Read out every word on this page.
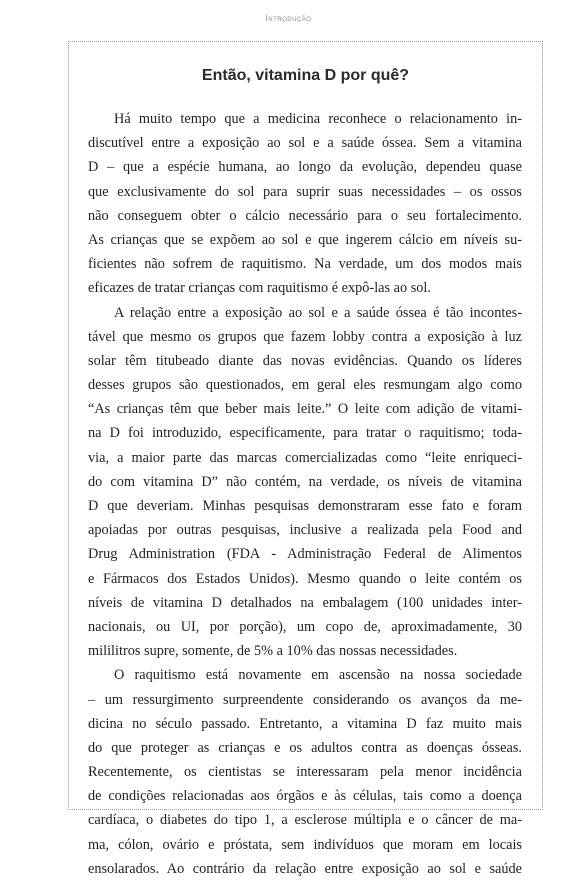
Introdução
Então, vitamina D por quê?
Há muito tempo que a medicina reconhece o relacionamento in-
discutível entre a exposição ao sol e a saúde óssea. Sem a vitamina
D – que a espécie humana, ao longo da evolução, dependeu quase
que exclusivamente do sol para suprir suas necessidades – os ossos
não conseguem obter o cálcio necessário para o seu fortalecimento.
As crianças que se expõem ao sol e que ingerem cálcio em níveis su-
ficientes não sofrem de raquitismo. Na verdade, um dos modos mais
eficazes de tratar crianças com raquitismo é expô-las ao sol.
A relação entre a exposição ao sol e a saúde óssea é tão incontes-
tável que mesmo os grupos que fazem lobby contra a exposição à luz
solar têm titubeado diante das novas evidências. Quando os líderes
desses grupos são questionados, em geral eles resmungam algo como
“As crianças têm que beber mais leite.” O leite com adição de vitami-
na D foi introduzido, especificamente, para tratar o raquitismo; toda-
via, a maior parte das marcas comercializadas como “leite enriqueci-
do com vitamina D” não contém, na verdade, os níveis de vitamina
D que deveriam. Minhas pesquisas demonstraram esse fato e foram
apoiadas por outras pesquisas, inclusive a realizada pela Food and
Drug Administration (FDA - Administração Federal de Alimentos
e Fármacos dos Estados Unidos). Mesmo quando o leite contém os
níveis de vitamina D detalhados na embalagem (100 unidades inter-
nacionais, ou UI, por porção), um copo de, aproximadamente, 30
mililitros supre, somente, de 5% a 10% das nossas necessidades.
O raquitismo está novamente em ascensão na nossa sociedade
– um ressurgimento surpreendente considerando os avanços da me-
dicina no século passado. Entretanto, a vitamina D faz muito mais
do que proteger as crianças e os adultos contra as doenças ósseas.
Recentemente, os cientistas se interessaram pela menor incidência
de condições relacionadas aos órgãos e às células, tais como a doença
cardíaca, o diabetes do tipo 1, a esclerose múltipla e o câncer de ma-
ma, cólon, ovário e próstata, sem indivíduos que moram em locais
ensolarados. Ao contrário da relação entre exposição ao sol e saúde
